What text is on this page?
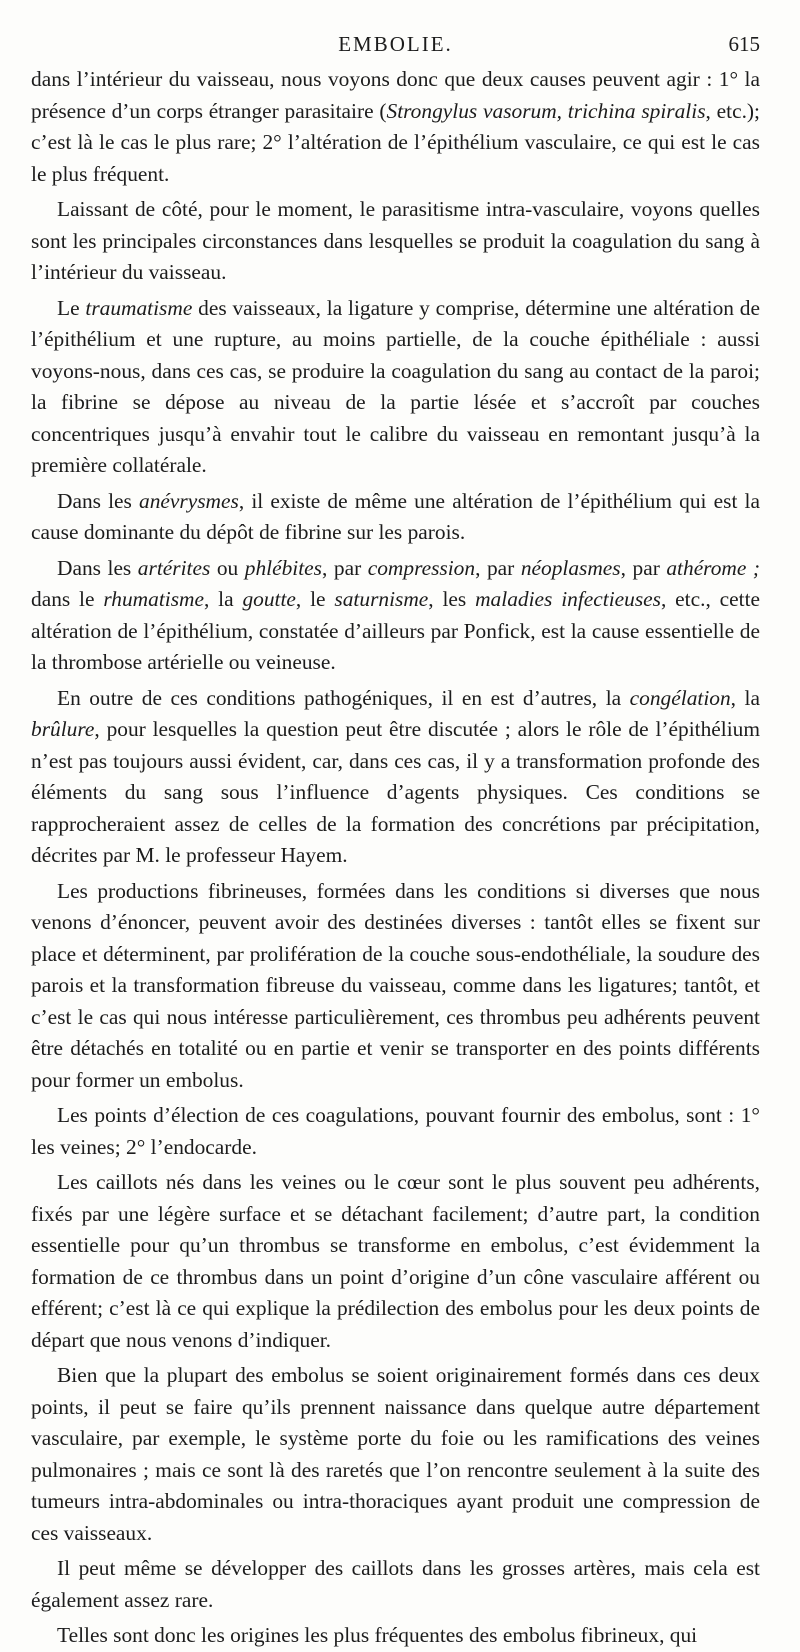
EMBOLIE.	615

dans l’intérieur du vaisseau, nous voyons donc que deux causes peuvent agir : 1° la présence d’un corps étranger parasitaire (Strongylus vasorum, trichina spiralis, etc.); c’est là le cas le plus rare; 2° l’altération de l’épithélium vasculaire, ce qui est le cas le plus fréquent.

Laissant de côté, pour le moment, le parasitisme intra-vasculaire, voyons quelles sont les principales circonstances dans lesquelles se produit la coagulation du sang à l’intérieur du vaisseau.

Le traumatisme des vaisseaux, la ligature y comprise, détermine une altération de l’épithélium et une rupture, au moins partielle, de la couche épithéliale : aussi voyons-nous, dans ces cas, se produire la coagulation du sang au contact de la paroi; la fibrine se dépose au niveau de la partie lésée et s’accroît par couches concentriques jusqu’à envahir tout le calibre du vaisseau en remontant jusqu’à la première collatérale.

Dans les anévrysmes, il existe de même une altération de l’épithélium qui est la cause dominante du dépôt de fibrine sur les parois.

Dans les artérites ou phlébites, par compression, par néoplasmes, par athérome ; dans le rhumatisme, la goutte, le saturnisme, les maladies infectieuses, etc., cette altération de l’épithélium, constatée d’ailleurs par Ponfick, est la cause essentielle de la thrombose artérielle ou veineuse.

En outre de ces conditions pathogéniques, il en est d’autres, la congélation, la brûlure, pour lesquelles la question peut être discutée ; alors le rôle de l’épithélium n’est pas toujours aussi évident, car, dans ces cas, il y a transformation profonde des éléments du sang sous l’influence d’agents physiques. Ces conditions se rapprocheraient assez de celles de la formation des concrétions par précipitation, décrites par M. le professeur Hayem.

Les productions fibrineuses, formées dans les conditions si diverses que nous venons d’énoncer, peuvent avoir des destinées diverses : tantôt elles se fixent sur place et déterminent, par prolifération de la couche sous-endothéliale, la soudure des parois et la transformation fibreuse du vaisseau, comme dans les ligatures; tantôt, et c’est le cas qui nous intéresse particulièrement, ces thrombus peu adhérents peuvent être détachés en totalité ou en partie et venir se transporter en des points différents pour former un embolus.

Les points d’élection de ces coagulations, pouvant fournir des embolus, sont : 1° les veines; 2° l’endocarde.

Les caillots nés dans les veines ou le cœur sont le plus souvent peu adhérents, fixés par une légère surface et se détachant facilement; d’autre part, la condition essentielle pour qu’un thrombus se transforme en embolus, c’est évidemment la formation de ce thrombus dans un point d’origine d’un cône vasculaire afférent ou efférent; c’est là ce qui explique la prédilection des embolus pour les deux points de départ que nous venons d’indiquer.

Bien que la plupart des embolus se soient originairement formés dans ces deux points, il peut se faire qu’ils prennent naissance dans quelque autre département vasculaire, par exemple, le système porte du foie ou les ramifications des veines pulmonaires ; mais ce sont là des raretés que l’on rencontre seulement à la suite des tumeurs intra-abdominales ou intra-thoraciques ayant produit une compression de ces vaisseaux.

Il peut même se développer des caillots dans les grosses artères, mais cela est également assez rare.

Telles sont donc les origines les plus fréquentes des embolus fibrineux, qui
